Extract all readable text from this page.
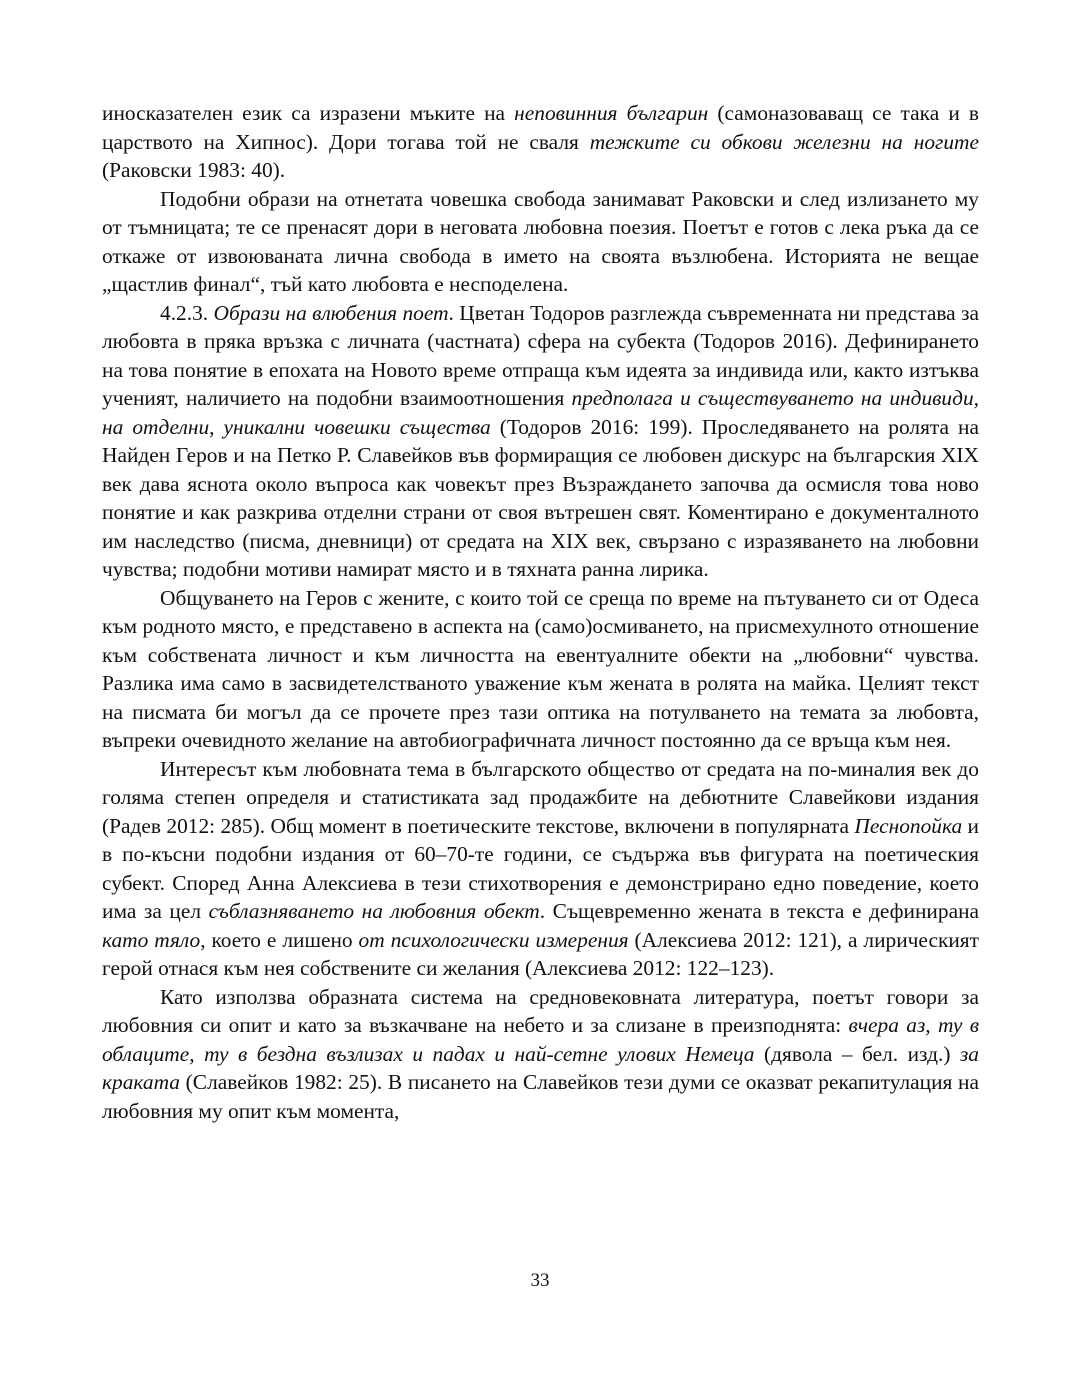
иносказателен език са изразени мъките на неповинния българин (самоназоваващ се така и в царството на Хипнос). Дори тогава той не сваля тежките си обкови железни на ногите (Раковски 1983: 40).

Подобни образи на отнетата човешка свобода занимават Раковски и след излизането му от тъмницата; те се пренасят дори в неговата любовна поезия. Поетът е готов с лека ръка да се откаже от извоюваната лична свобода в името на своята възлюбена. Историята не вещае „щастлив финал“, тъй като любовта е несподелена.

4.2.3. Образи на влюбения поет. Цветан Тодоров разглежда съвременната ни представа за любовта в пряка връзка с личната (частната) сфера на субекта (Тодоров 2016). Дефинирането на това понятие в епохата на Новото време отпраща към идеята за индивида или, както изтъква ученият, наличието на подобни взаимоотношения предполага и съществуването на индивиди, на отделни, уникални човешки същества (Тодоров 2016: 199). Проследяването на ролята на Найден Геров и на Петко Р. Славейков във формиращия се любовен дискурс на българския XIX век дава яснота около въпроса как човекът през Възраждането започва да осмисля това ново понятие и как разкрива отделни страни от своя вътрешен свят. Коментирано е документалното им наследство (писма, дневници) от средата на XIX век, свързано с изразяването на любовни чувства; подобни мотиви намират място и в тяхната ранна лирика.

Общуването на Геров с жените, с които той се среща по време на пътуването си от Одеса към родното място, е представено в аспекта на (само)осмиването, на присмехулното отношение към собствената личност и към личността на евентуалните обекти на „любовни“ чувства. Разлика има само в засвидетелстваното уважение към жената в ролята на майка. Целият текст на писмата би могъл да се прочете през тази оптика на потулването на темата за любовта, въпреки очевидното желание на автобиографичната личност постоянно да се връща към нея.

Интересът към любовната тема в българското общество от средата на по-миналия век до голяма степен определя и статистиката зад продажбите на дебютните Славейкови издания (Радев 2012: 285). Общ момент в поетическите текстове, включени в популярната Песнопойка и в по-късни подобни издания от 60–70-те години, се съдържа във фигурата на поетическия субект. Според Анна Алексиева в тези стихотворения е демонстрирано едно поведение, което има за цел съблазняването на любовния обект. Същевременно жената в текста е дефинирана като тяло, което е лишено от психологически измерения (Алексиева 2012: 121), а лирическият герой отнася към нея собствените си желания (Алексиева 2012: 122–123).

Като използва образната система на средновековната литература, поетът говори за любовния си опит и като за възкачване на небето и за слизане в преизподнята: вчера аз, ту в облаците, ту в бездна възлизах и падах и най-сетне улових Немеца (дявола – бел. изд.) за краката (Славейков 1982: 25). В писането на Славейков тези думи се оказват рекапитулация на любовния му опит към момента,

33
